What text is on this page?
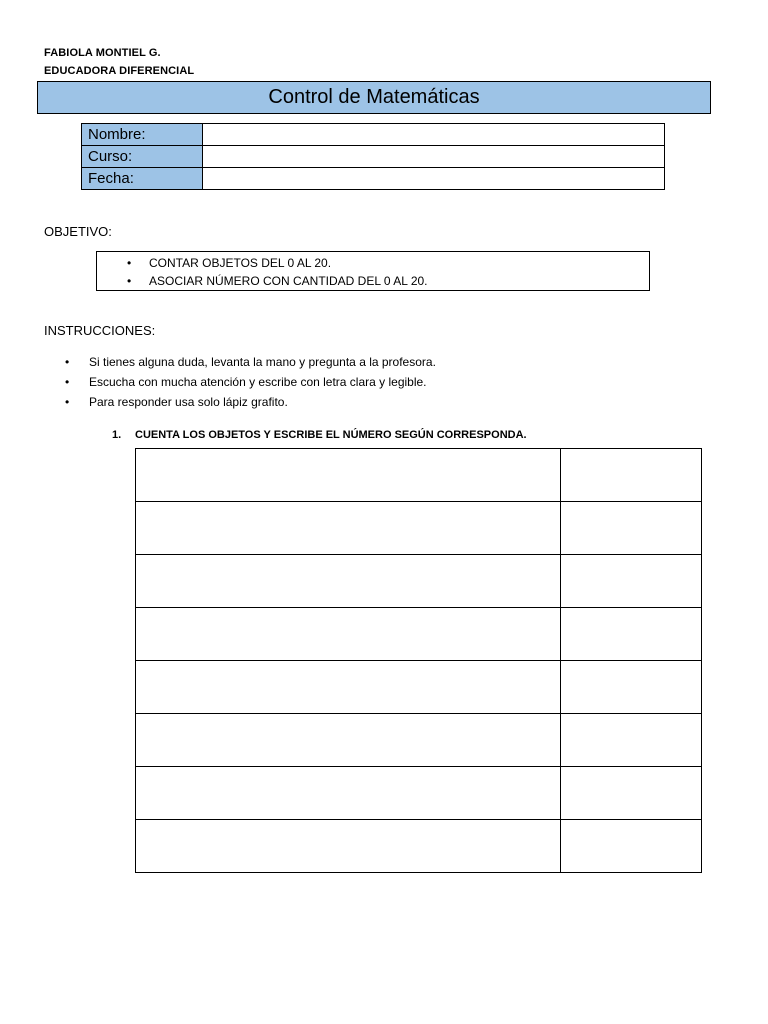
FABIOLA MONTIEL G.
EDUCADORA DIFERENCIAL
Control de Matemáticas
Nombre:	
Curso:	
Fecha:	
OBJETIVO:
• CONTAR OBJETOS DEL 0 AL 20.
• ASOCIAR NÚMERO CON CANTIDAD DEL 0 AL 20.
INSTRUCCIONES:
• Si tienes alguna duda, levanta la mano y pregunta a la profesora.
• Escucha con mucha atención y escribe con letra clara y legible.
• Para responder usa solo lápiz grafito.
1. CUENTA LOS OBJETOS Y ESCRIBE EL NÚMERO SEGÚN CORRESPONDA.
